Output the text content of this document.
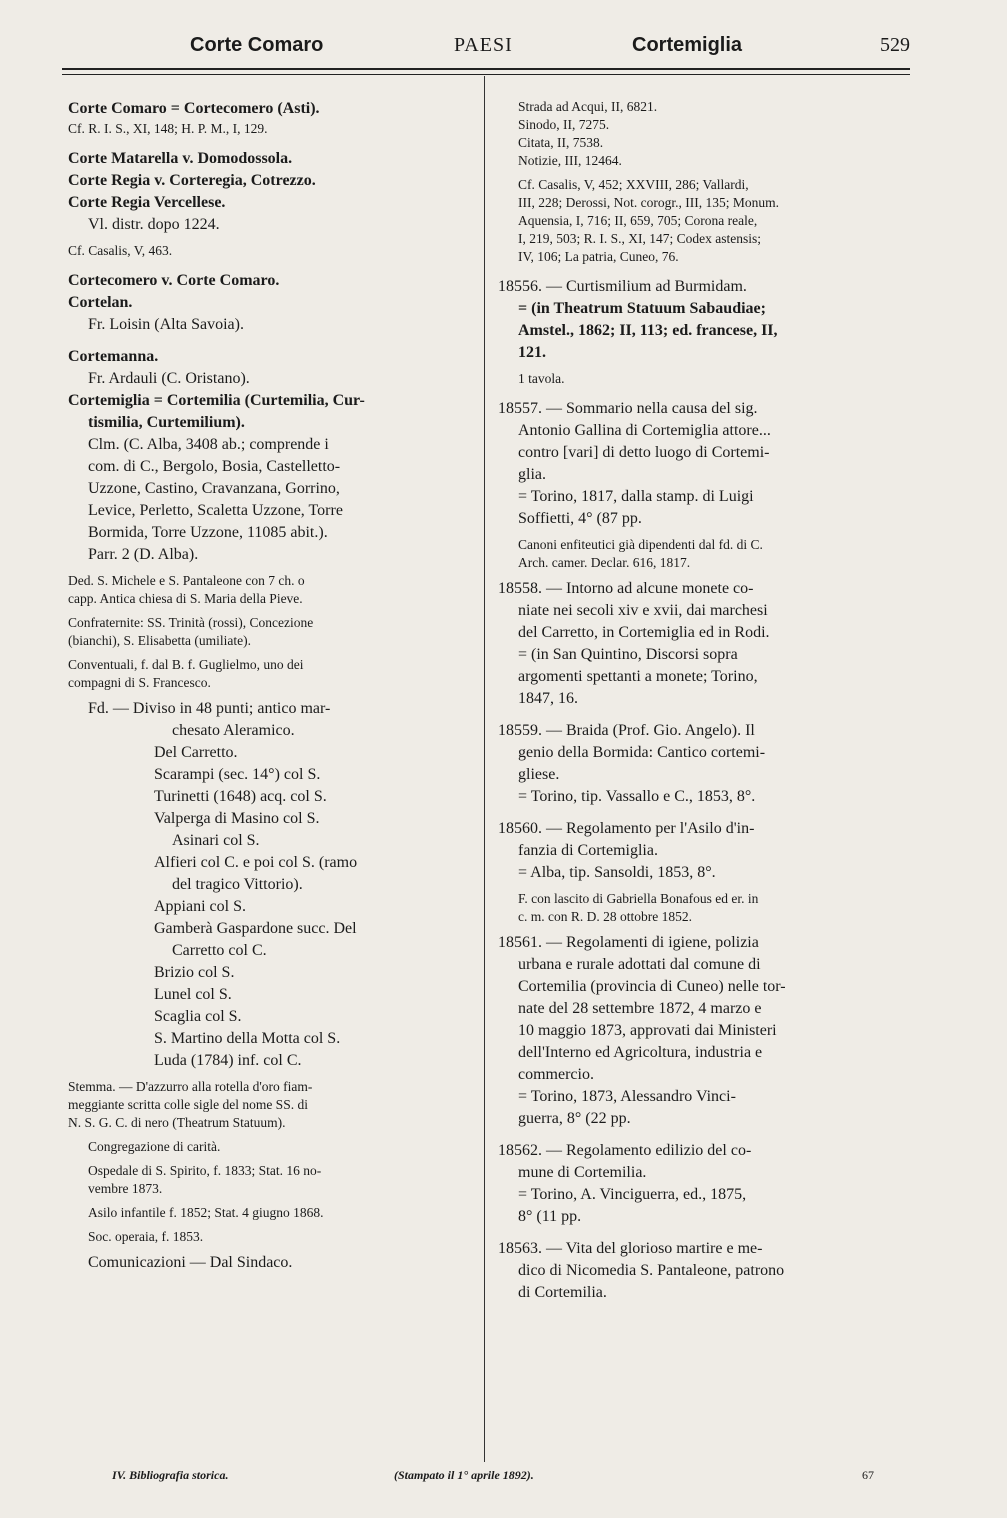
Corte Comaro	PAESI	Cortemiglia	529
Corte Comaro = Cortecomero (Asti).
Cf. R. I. S., XI, 148; H. P. M., I, 129.
Corte Matarella v. Domodossola.
Corte Regia v. Corteregia, Cotrezzo.
Corte Regia Vercellese.
Vl. distr. dopo 1224.
Cf. Casalis, V, 463.
Cortecomero v. Corte Comaro.
Cortelan.
Fr. Loisin (Alta Savoia).
Cortemanna.
Fr. Ardauli (C. Oristano).
Cortemiglia = Cortemilia (Curtemilia, Cur-
tismilia, Curtemilium).
Clm. (C. Alba, 3408 ab.; comprende i
com. di C., Bergolo, Bosia, Castelletto-
Uzzone, Castino, Cravanzana, Gorrino,
Levice, Perletto, Scaletta Uzzone, Torre
Bormida, Torre Uzzone, 11085 abit.).
Parr. 2 (D. Alba).
Ded. S. Michele e S. Pantaleone con 7 ch. o
capp. Antica chiesa di S. Maria della Pieve.
Confraternite: SS. Trinità (rossi), Concezione
(bianchi), S. Elisabetta (umiliate).
Conventuali, f. dal B. f. Guglielmo, uno dei
compagni di S. Francesco.
Fd. — Diviso in 48 punti; antico mar-
chesato Aleramico.
Del Carretto.
Scarampi (sec. 14°) col S.
Turinetti (1648) acq. col S.
Valperga di Masino col S.
Asinari col S.
Alfieri col C. e poi col S. (ramo
del tragico Vittorio).
Appiani col S.
Gamberà Gaspardone succ. Del
Carretto col C.
Brizio col S.
Lunel col S.
Scaglia col S.
S. Martino della Motta col S.
Luda (1784) inf. col C.
Stemma. — D'azzurro alla rotella d'oro fiam-
meggiante scritta colle sigle del nome SS. di
N. S. G. C. di nero (Theatrum Statuum).
Congregazione di carità.
Ospedale di S. Spirito, f. 1833; Stat. 16 no-
vembre 1873.
Asilo infantile f. 1852; Stat. 4 giugno 1868.
Soc. operaia, f. 1853.
Comunicazioni — Dal Sindaco.
Strada ad Acqui, II, 6821.
Sinodo, II, 7275.
Citata, II, 7538.
Notizie, III, 12464.
Cf. Casalis, V, 452; XXVIII, 286; Vallardi,
III, 228; Derossi, Not. corogr., III, 135; Monum.
Aquensia, I, 716; II, 659, 705; Corona reale,
I, 219, 503; R. I. S., XI, 147; Codex astensis;
IV, 106; La patria, Cuneo, 76.
18556. — Curtismilium ad Burmidam.
= (in Theatrum Statuum Sabaudiae;
Amstel., 1862; II, 113; ed. francese, II,
121.
1 tavola.
18557. — Sommario nella causa del sig.
Antonio Gallina di Cortemiglia attore...
contro [vari] di detto luogo di Cortemi-
glia.
= Torino, 1817, dalla stamp. di Luigi
Soffietti, 4° (87 pp.
Canoni enfiteutici già dipendenti dal fd. di C.
Arch. camer. Declar. 616, 1817.
18558. — Intorno ad alcune monete co-
niate nei secoli xiv e xvii, dai marchesi
del Carretto, in Cortemiglia ed in Rodi.
= (in San Quintino, Discorsi sopra
argomenti spettanti a monete; Torino,
1847, 16.
18559. — Braida (Prof. Gio. Angelo). Il
genio della Bormida: Cantico cortemi-
gliese.
= Torino, tip. Vassallo e C., 1853, 8°.
18560. — Regolamento per l'Asilo d'in-
fanzia di Cortemiglia.
= Alba, tip. Sansoldi, 1853, 8°.
F. con lascito di Gabriella Bonafous ed er. in
c. m. con R. D. 28 ottobre 1852.
18561. — Regolamenti di igiene, polizia
urbana e rurale adottati dal comune di
Cortemilia (provincia di Cuneo) nelle tor-
nate del 28 settembre 1872, 4 marzo e
10 maggio 1873, approvati dai Ministeri
dell'Interno ed Agricoltura, industria e
commercio.
= Torino, 1873, Alessandro Vinci-
guerra, 8° (22 pp.
18562. — Regolamento edilizio del co-
mune di Cortemilia.
= Torino, A. Vinciguerra, ed., 1875,
8° (11 pp.
18563. — Vita del glorioso martire e me-
dico di Nicomedia S. Pantaleone, patrono
di Cortemilia.
IV. Bibliografia storica.	(Stampato il 1° aprile 1892).	67
